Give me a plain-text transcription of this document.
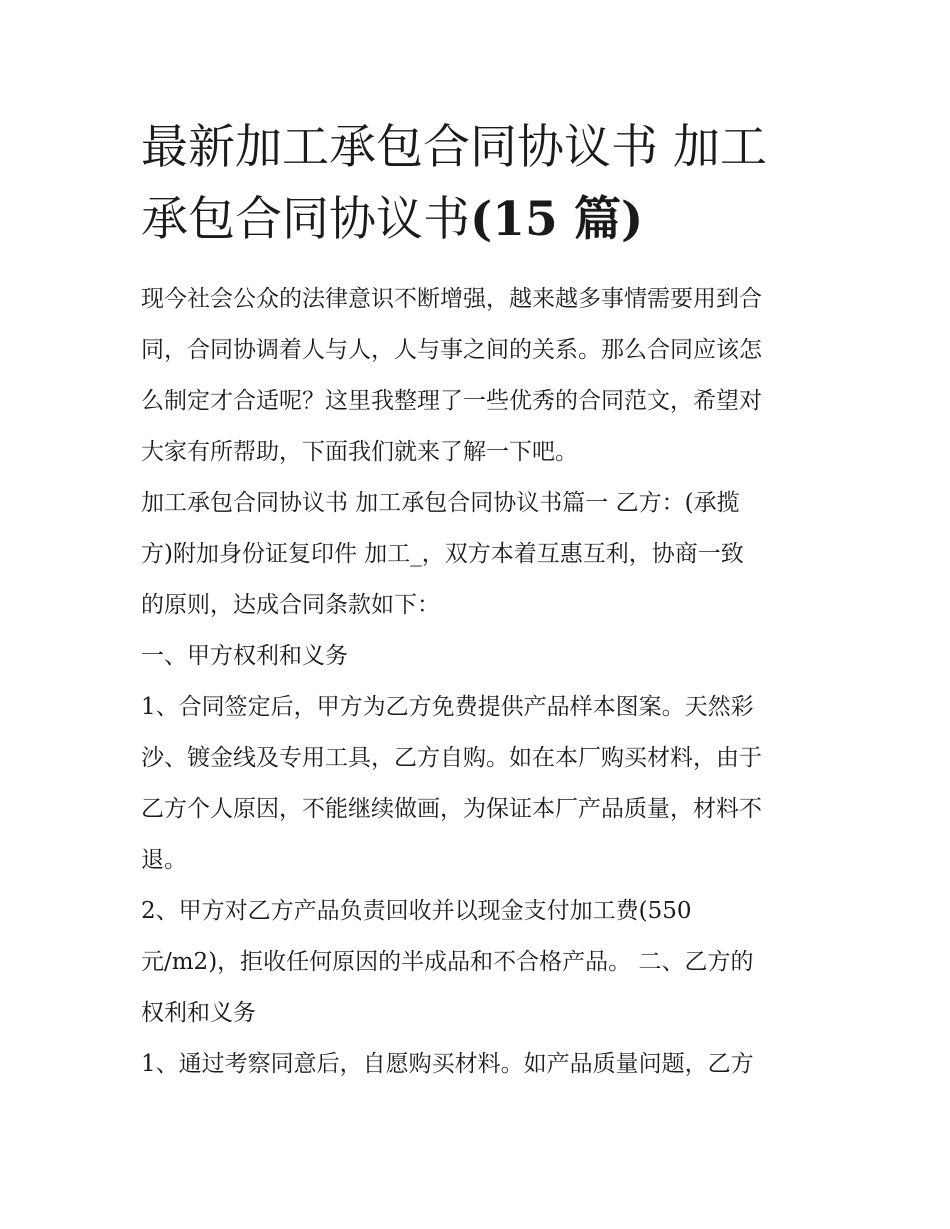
最新加工承包合同协议书 加工
承包合同协议书(15 篇)

现今社会公众的法律意识不断增强，越来越多事情需要用到合
同，合同协调着人与人，人与事之间的关系。那么合同应该怎
么制定才合适呢？这里我整理了一些优秀的合同范文，希望对
大家有所帮助，下面我们就来了解一下吧。

加工承包合同协议书 加工承包合同协议书篇一 乙方：(承揽
方)附加身份证复印件 加工_，双方本着互惠互利，协商一致
的原则，达成合同条款如下：

一、甲方权利和义务

1、合同签定后，甲方为乙方免费提供产品样本图案。天然彩
沙、镀金线及专用工具，乙方自购。如在本厂购买材料，由于
乙方个人原因，不能继续做画，为保证本厂产品质量，材料不
退。

2、甲方对乙方产品负责回收并以现金支付加工费(550
元/m2)，拒收任何原因的半成品和不合格产品。 二、乙方的
权利和义务

1、通过考察同意后，自愿购买材料。如产品质量问题，乙方
